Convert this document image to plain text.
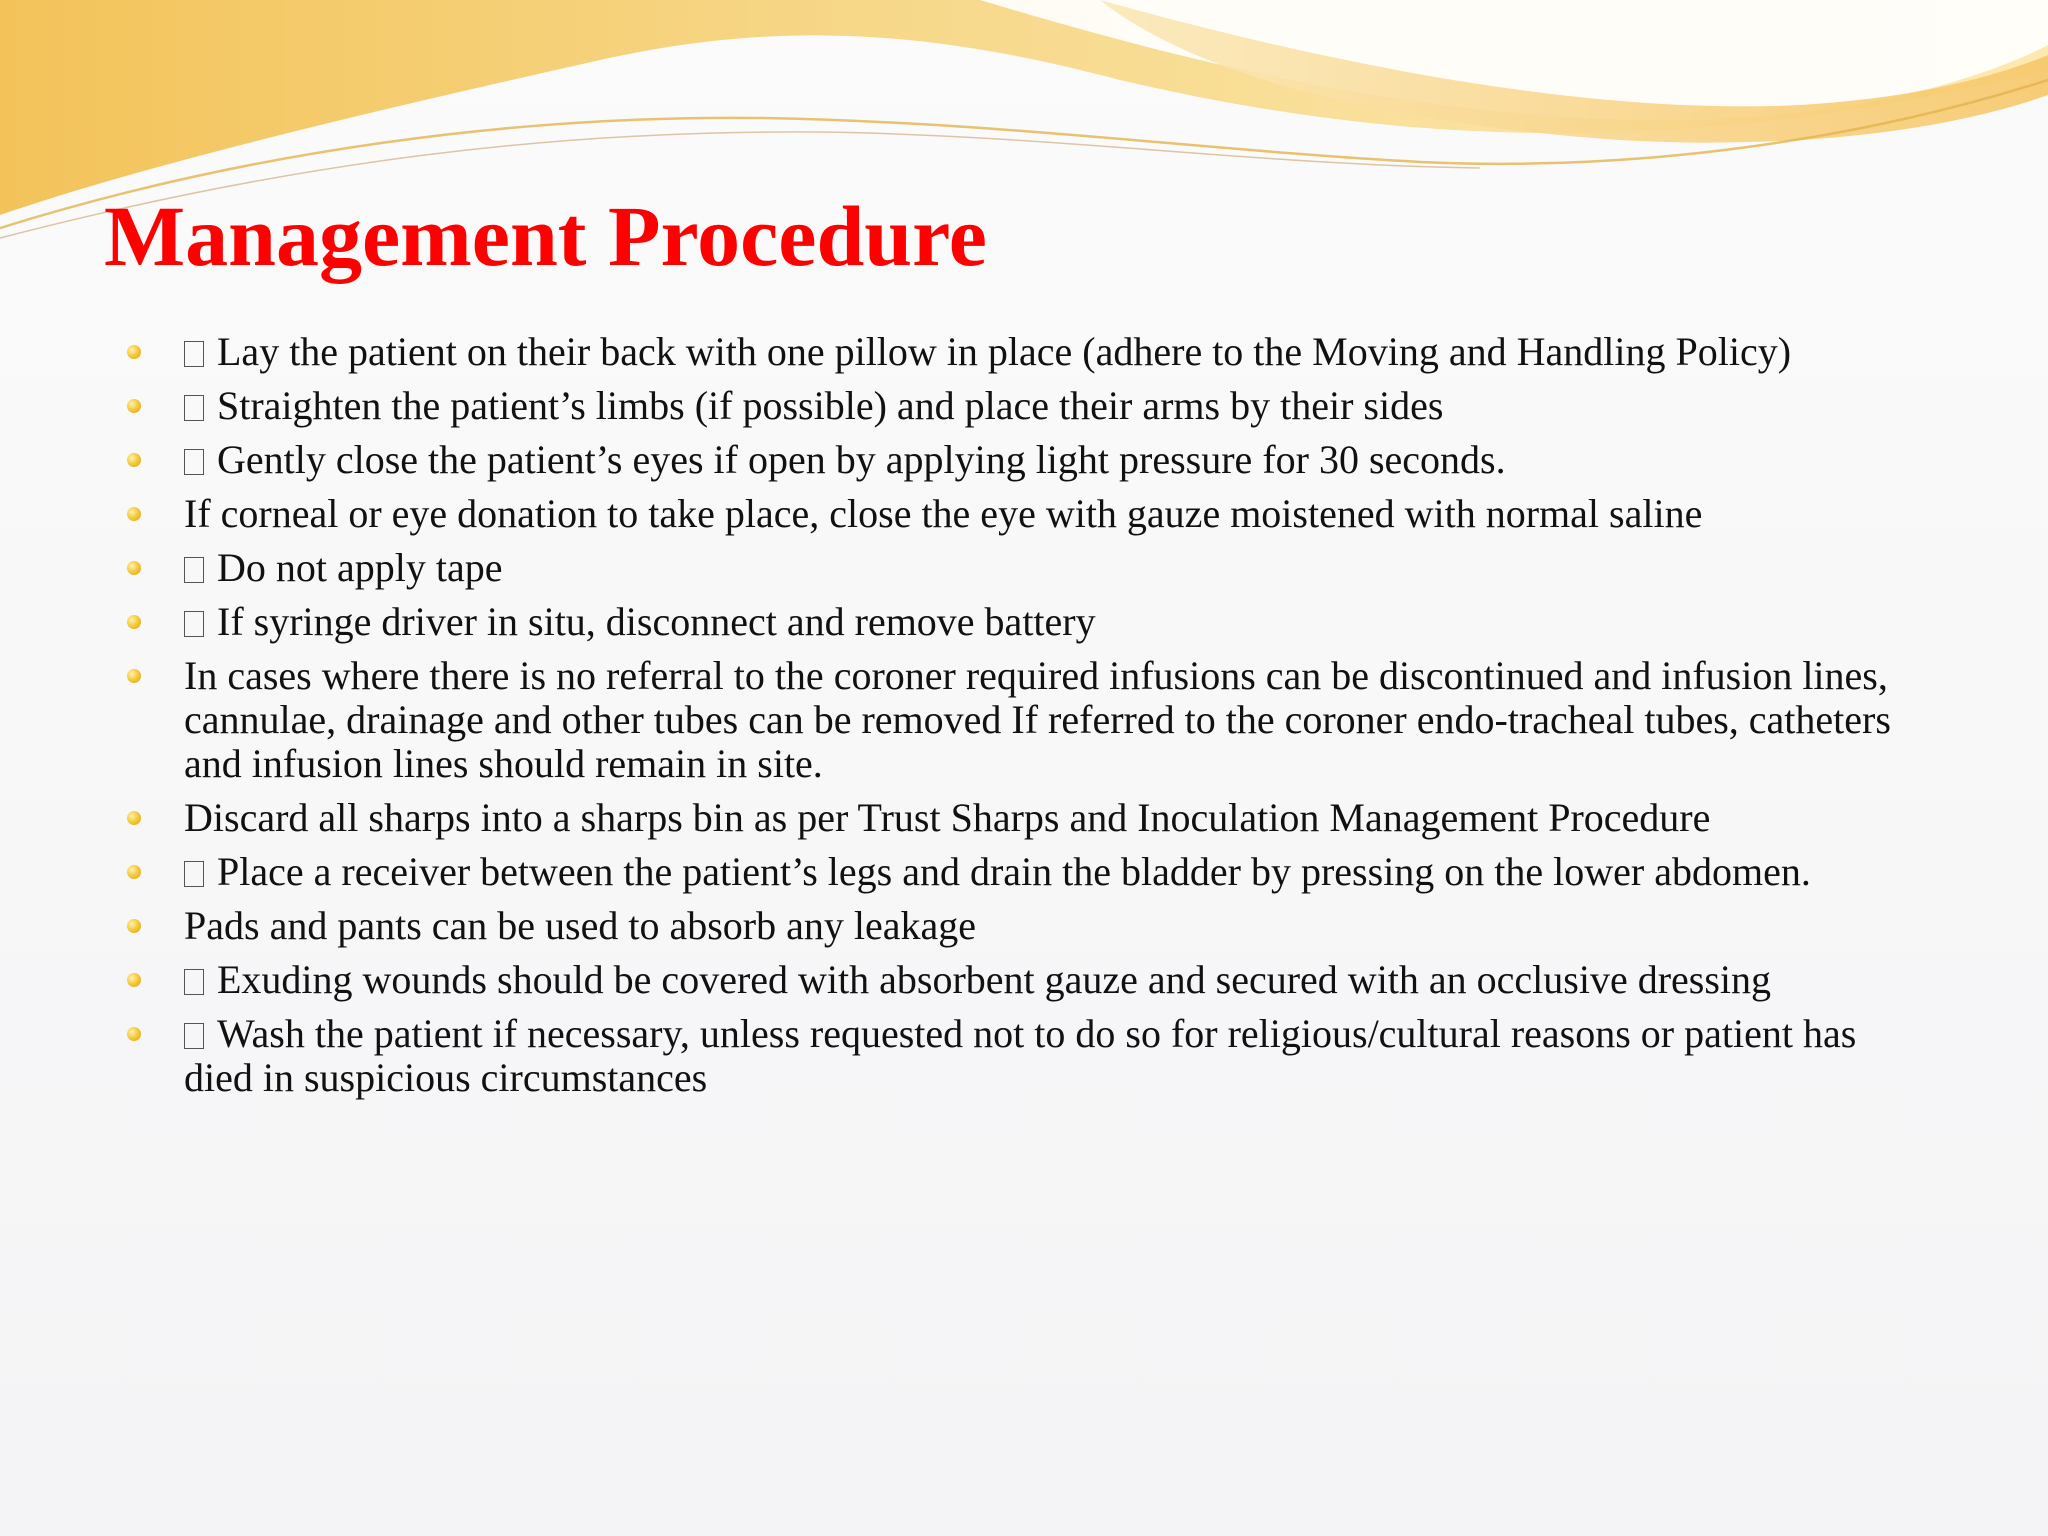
Management Procedure
Lay the patient on their back with one pillow in place (adhere to the Moving and Handling Policy)
Straighten the patient’s limbs (if possible) and place their arms by their sides
Gently close the patient’s eyes if open by applying light pressure for 30 seconds.
If corneal or eye donation to take place, close the eye with gauze moistened with normal saline
Do not apply tape
If syringe driver in situ, disconnect and remove battery
In cases where there is no referral to the coroner required infusions can be discontinued and infusion lines, cannulae, drainage and other tubes can be removed If referred to the coroner endo-tracheal tubes, catheters and infusion lines should remain in site.
Discard all sharps into a sharps bin as per Trust Sharps and Inoculation Management Procedure
Place a receiver between the patient’s legs and drain the bladder by pressing on the lower abdomen.
Pads and pants can be used to absorb any leakage
Exuding wounds should be covered with absorbent gauze and secured with an occlusive dressing
Wash the patient if necessary, unless requested not to do so for religious/cultural reasons or patient has died in suspicious circumstances
